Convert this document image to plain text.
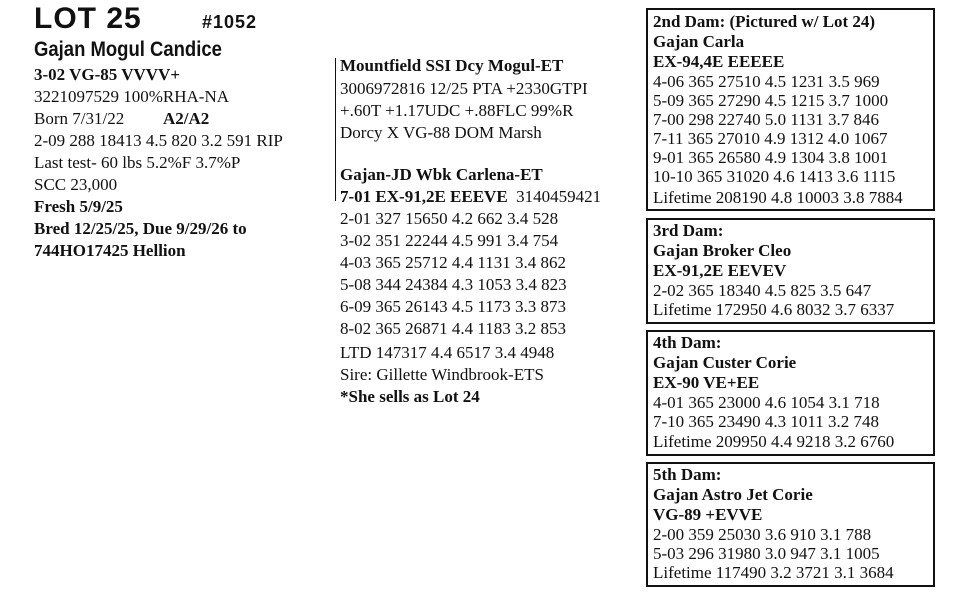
LOT 25	#1052
Gajan Mogul Candice
3-02 VG-85 VVVV+
3221097529 100%RHA-NA
Born 7/31/22 A2/A2
2-09 288 18413 4.5 820 3.2 591 RIP
Last test- 60 lbs 5.2%F 3.7%P
SCC 23,000
Fresh 5/9/25
Bred 12/25/25, Due 9/29/26 to
744HO17425 Hellion
Mountfield SSI Dcy Mogul-ET
3006972816 12/25 PTA +2330GTPI
+.60T +1.17UDC +.88FLC 99%R
Dorcy X VG-88 DOM Marsh
Gajan-JD Wbk Carlena-ET
7-01 EX-91,2E EEEVE 3140459421
2-01 327 15650 4.2 662 3.4 528
3-02 351 22244 4.5 991 3.4 754
4-03 365 25712 4.4 1131 3.4 862
5-08 344 24384 4.3 1053 3.4 823
6-09 365 26143 4.5 1173 3.3 873
8-02 365 26871 4.4 1183 3.2 853
LTD 147317 4.4 6517 3.4 4948
Sire: Gillette Windbrook-ETS
*She sells as Lot 24
2nd Dam: (Pictured w/ Lot 24)
Gajan Carla
EX-94,4E EEEEE
4-06 365 27510 4.5 1231 3.5 969
5-09 365 27290 4.5 1215 3.7 1000
7-00 298 22740 5.0 1131 3.7 846
7-11 365 27010 4.9 1312 4.0 1067
9-01 365 26580 4.9 1304 3.8 1001
10-10 365 31020 4.6 1413 3.6 1115
Lifetime 208190 4.8 10003 3.8 7884
3rd Dam:
Gajan Broker Cleo
EX-91,2E EEVEV
2-02 365 18340 4.5 825 3.5 647
Lifetime 172950 4.6 8032 3.7 6337
4th Dam:
Gajan Custer Corie
EX-90 VE+EE
4-01 365 23000 4.6 1054 3.1 718
7-10 365 23490 4.3 1011 3.2 748
Lifetime 209950 4.4 9218 3.2 6760
5th Dam:
Gajan Astro Jet Corie
VG-89 +EVVE
2-00 359 25030 3.6 910 3.1 788
5-03 296 31980 3.0 947 3.1 1005
Lifetime 117490 3.2 3721 3.1 3684
